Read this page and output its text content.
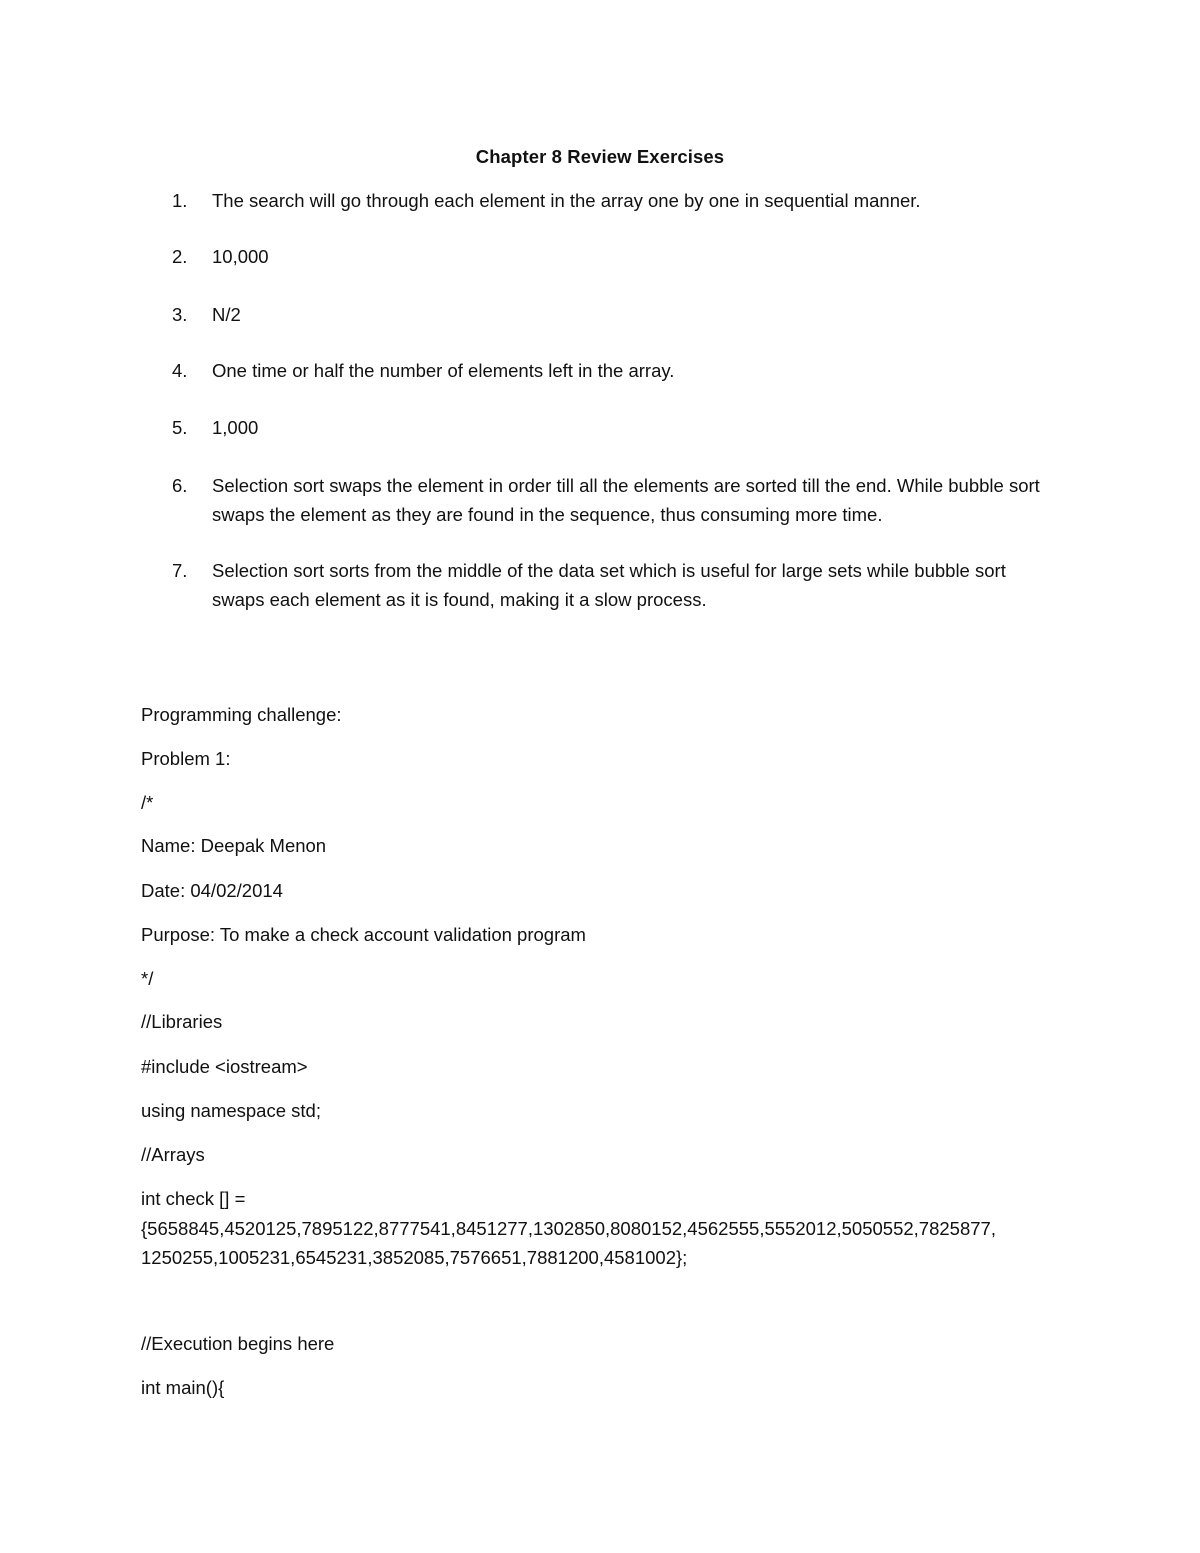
Chapter 8 Review Exercises
1.	The search will go through each element in the array one by one in sequential manner.
2.	10,000
3.	N/2
4.	One time or half the number of elements left in the array.
5.	1,000
6.	Selection sort swaps the element in order till all the elements are sorted till the end. While bubble sort swaps the element as they are found in the sequence, thus consuming more time.
7.	Selection sort sorts from the middle of the data set which is useful for large sets while bubble sort swaps each element as it is found, making it a slow process.
Programming challenge:
Problem 1:
/*
Name: Deepak Menon
Date: 04/02/2014
Purpose: To make a check account validation program
*/
//Libraries
#include <iostream>
using namespace std;
//Arrays
int check [] =
{5658845,4520125,7895122,8777541,8451277,1302850,8080152,4562555,5552012,5050552,7825877,
1250255,1005231,6545231,3852085,7576651,7881200,4581002};
//Execution begins here
int main(){
